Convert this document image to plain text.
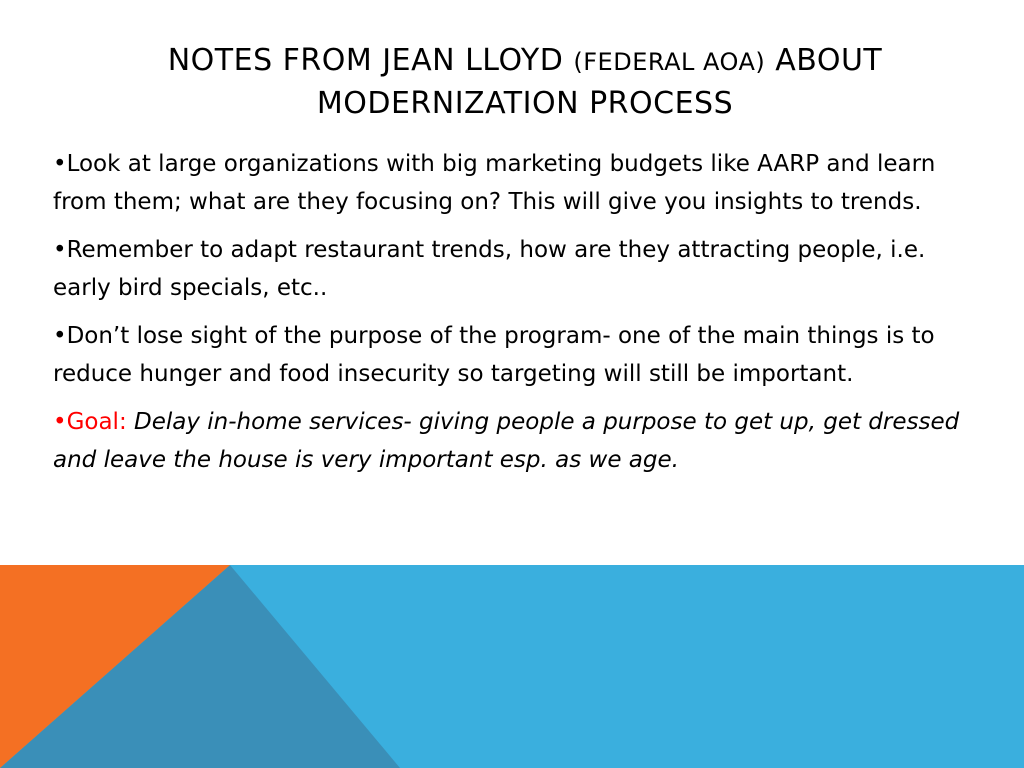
NOTES FROM JEAN LLOYD (FEDERAL AOA) ABOUT
MODERNIZATION PROCESS

•Look at large organizations with big marketing budgets like AARP and learn from them; what are they focusing on? This will give you insights to trends.

•Remember to adapt restaurant trends, how are they attracting people, i.e. early bird specials, etc..

•Don’t lose sight of the purpose of the program- one of the main things is to reduce hunger and food insecurity so targeting will still be important.

•Goal: Delay in-home services- giving people a purpose to get up, get dressed and leave the house is very important esp. as we age.
